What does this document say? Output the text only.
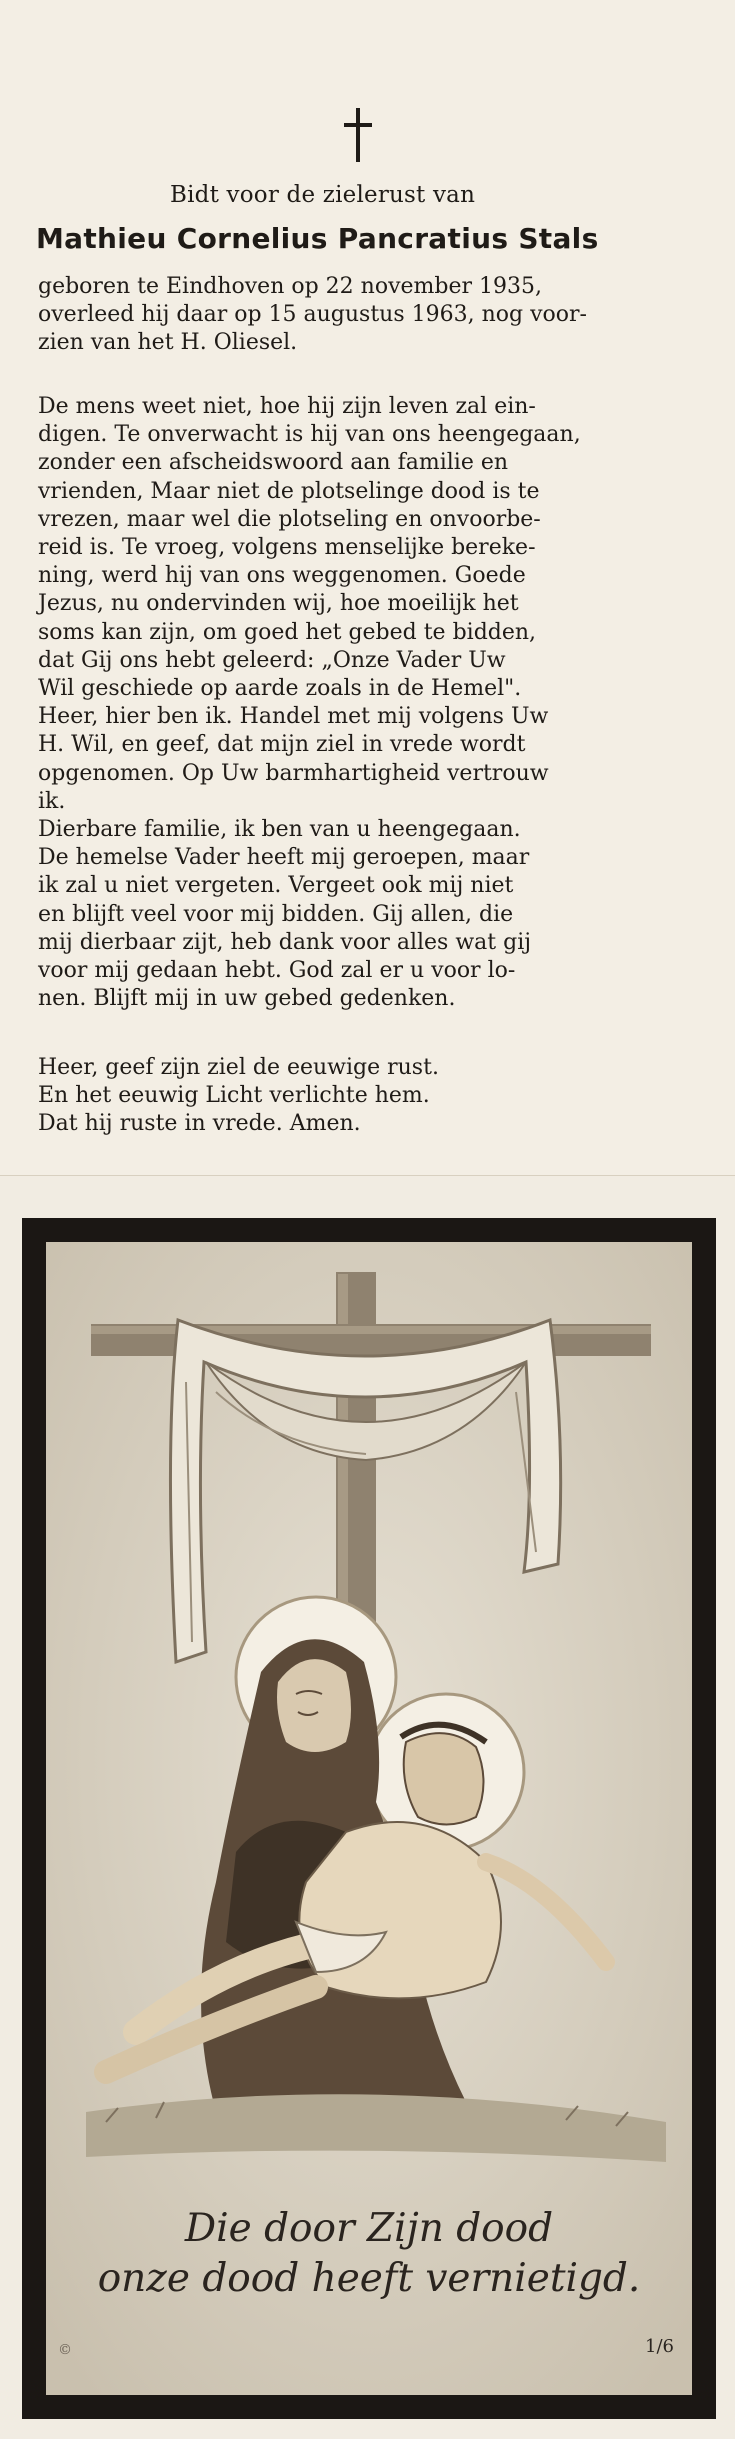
Bidt voor de zielerust van
Mathieu Cornelius Pancratius Stals
geboren te Eindhoven op 22 november 1935,
overleed hij daar op 15 augustus 1963, nog voor-
zien van het H. Oliesel.
De mens weet niet, hoe hij zijn leven zal ein-
digen. Te onverwacht is hij van ons heengegaan,
zonder een afscheidswoord aan familie en
vrienden, Maar niet de plotselinge dood is te
vrezen, maar wel die plotseling en onvoorbe-
reid is. Te vroeg, volgens menselijke bereke-
ning, werd hij van ons weggenomen. Goede
Jezus, nu ondervinden wij, hoe moeilijk het
soms kan zijn, om goed het gebed te bidden,
dat Gij ons hebt geleerd: „Onze Vader Uw
Wil geschiede op aarde zoals in de Hemel".
Heer, hier ben ik. Handel met mij volgens Uw
H. Wil, en geef, dat mijn ziel in vrede wordt
opgenomen. Op Uw barmhartigheid vertrouw
ik.
Dierbare familie, ik ben van u heengegaan.
De hemelse Vader heeft mij geroepen, maar
ik zal u niet vergeten. Vergeet ook mij niet
en blijft veel voor mij bidden. Gij allen, die
mij dierbaar zijt, heb dank voor alles wat gij
voor mij gedaan hebt. God zal er u voor lo-
nen. Blijft mij in uw gebed gedenken.
Heer, geef zijn ziel de eeuwige rust.
En het eeuwig Licht verlichte hem.
Dat hij ruste in vrede. Amen.
Die door Zijn dood
onze dood heeft vernietigd.
©	1/6
